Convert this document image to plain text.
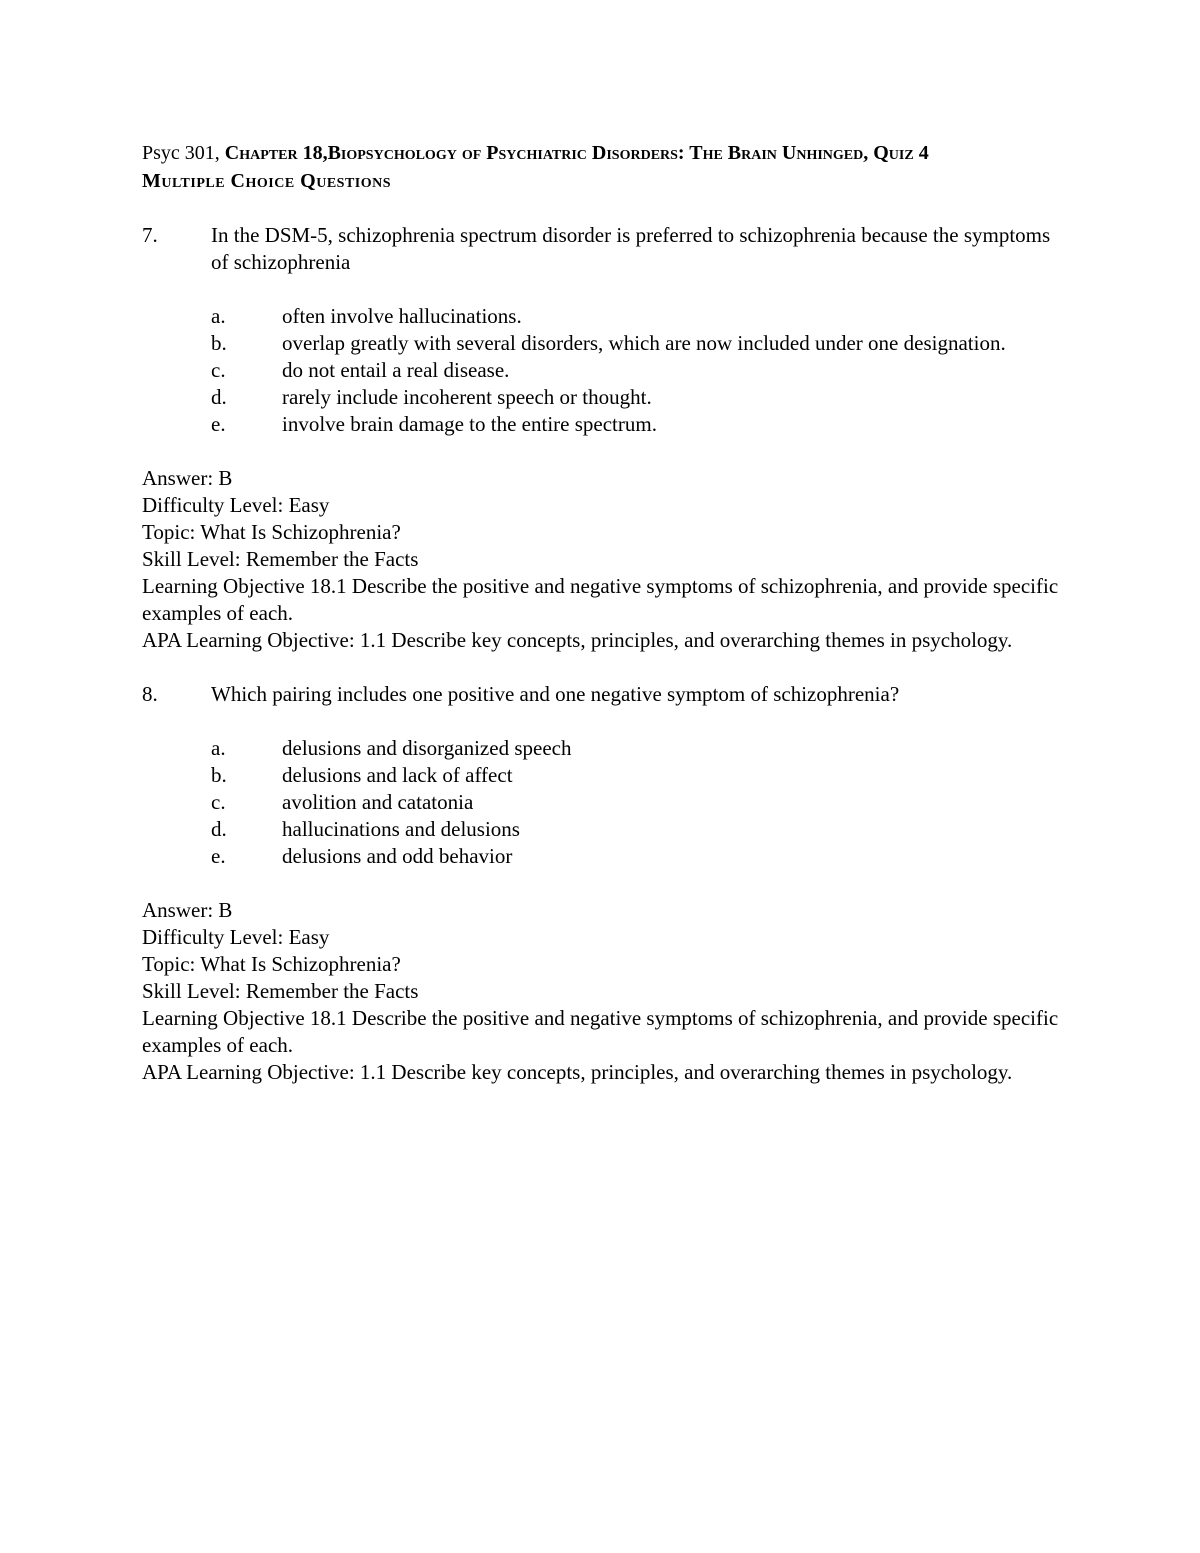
Psyc 301, Chapter 18,Biopsychology of Psychiatric Disorders: The Brain Unhinged, Quiz 4
Multiple Choice Questions
7.	In the DSM-5, schizophrenia spectrum disorder is preferred to schizophrenia because the symptoms of schizophrenia
a.	often involve hallucinations.
b.	overlap greatly with several disorders, which are now included under one designation.
c.	do not entail a real disease.
d.	rarely include incoherent speech or thought.
e.	involve brain damage to the entire spectrum.
Answer: B
Difficulty Level: Easy
Topic: What Is Schizophrenia?
Skill Level: Remember the Facts
Learning Objective 18.1 Describe the positive and negative symptoms of schizophrenia, and provide specific examples of each.
APA Learning Objective: 1.1 Describe key concepts, principles, and overarching themes in psychology.
8.	Which pairing includes one positive and one negative symptom of schizophrenia?
a.	delusions and disorganized speech
b.	delusions and lack of affect
c.	avolition and catatonia
d.	hallucinations and delusions
e.	delusions and odd behavior
Answer: B
Difficulty Level: Easy
Topic: What Is Schizophrenia?
Skill Level: Remember the Facts
Learning Objective 18.1 Describe the positive and negative symptoms of schizophrenia, and provide specific examples of each.
APA Learning Objective: 1.1 Describe key concepts, principles, and overarching themes in psychology.
